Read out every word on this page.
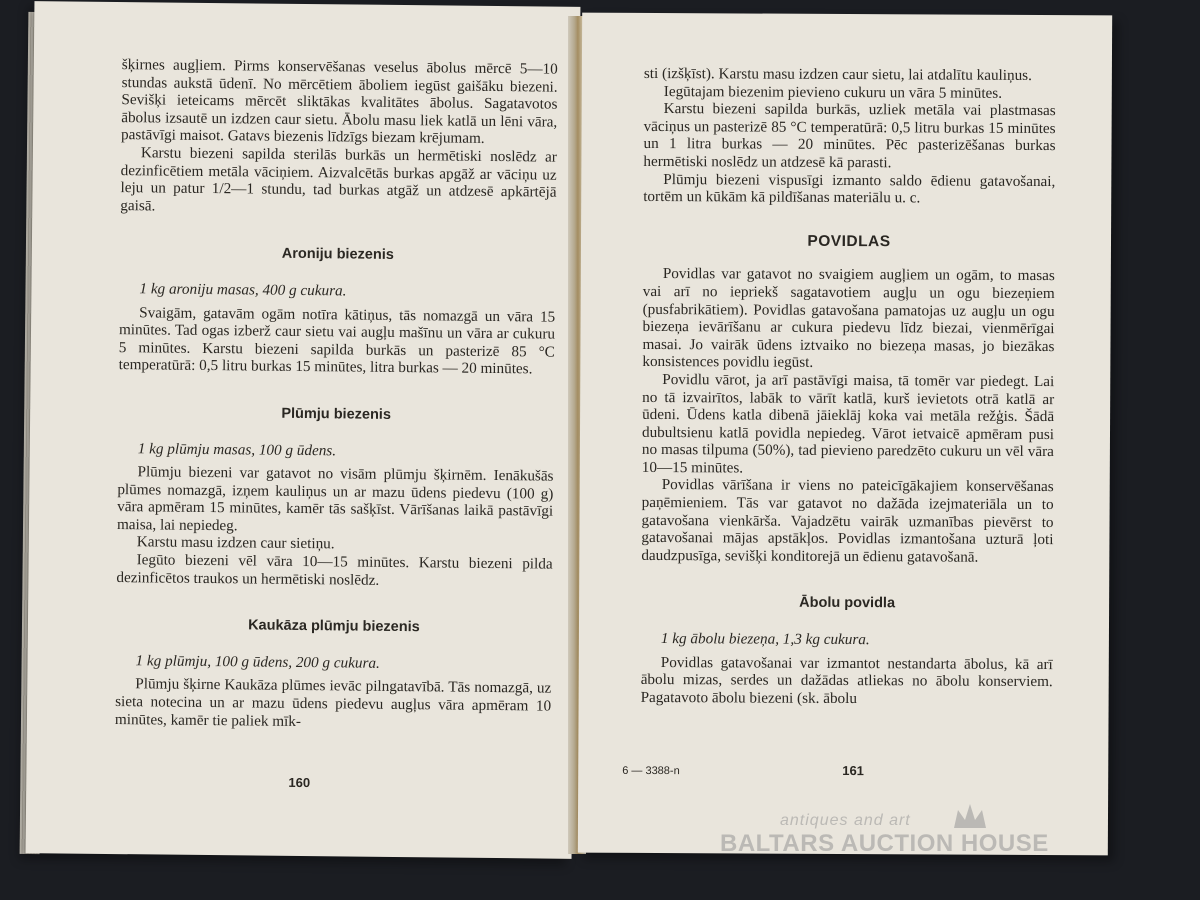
šķirnes augļiem. Pirms konservēšanas veselus ābolus mērcē 5—10 stundas aukstā ūdenī. No mērcētiem āboliem iegūst gaišāku biezeni. Sevišķi ieteicams mērcēt sliktākas kvalitātes ābolus. Sagatavotos ābolus izsautē un izdzen caur sietu. Ābolu masu liek katlā un lēni vāra, pastāvīgi maisot. Gatavs biezenis līdzīgs biezam krējumam.

Karstu biezeni sapilda sterilās burkās un hermētiski noslēdz ar dezinficētiem metāla vāciņiem. Aizvalcētās burkas apgāž ar vāciņu uz leju un patur 1/2—1 stundu, tad burkas atgāž un atdzesē apkārtējā gaisā.

Aroniju biezenis

1 kg aroniju masas, 400 g cukura.

Svaigām, gatavām ogām notīra kātiņus, tās nomazgā un vāra 15 minūtes. Tad ogas izberž caur sietu vai augļu mašīnu un vāra ar cukuru 5 minūtes. Karstu biezeni sapilda burkās un pasterizē 85 °C temperatūrā: 0,5 litru burkas 15 minūtes, litra burkas — 20 minūtes.

Plūmju biezenis

1 kg plūmju masas, 100 g ūdens.

Plūmju biezeni var gatavot no visām plūmju šķirnēm. Ienākušās plūmes nomazgā, izņem kauliņus un ar mazu ūdens piedevu (100 g) vāra apmēram 15 minūtes, kamēr tās sašķīst. Vārīšanas laikā pastāvīgi maisa, lai nepiedeg.

Karstu masu izdzen caur sietiņu.

Iegūto biezeni vēl vāra 10—15 minūtes. Karstu biezeni pilda dezinficētos traukos un hermētiski noslēdz.

Kaukāza plūmju biezenis

1 kg plūmju, 100 g ūdens, 200 g cukura.

Plūmju šķirne Kaukāza plūmes ievāc pilngatavībā. Tās nomazgā, uz sieta notecina un ar mazu ūdens piedevu augļus vāra apmēram 10 minūtes, kamēr tie paliek mīk-

160

sti (izšķīst). Karstu masu izdzen caur sietu, lai atdalītu kauliņus.

Iegūtajam biezenim pievieno cukuru un vāra 5 minūtes.

Karstu biezeni sapilda burkās, uzliek metāla vai plastmasas vāciņus un pasterizē 85 °C temperatūrā: 0,5 litru burkas 15 minūtes un 1 litra burkas — 20 minūtes. Pēc pasterizēšanas burkas hermētiski noslēdz un atdzesē kā parasti.

Plūmju biezeni vispusīgi izmanto saldo ēdienu gatavošanai, tortēm un kūkām kā pildīšanas materiālu u. c.

POVIDLAS

Povidlas var gatavot no svaigiem augļiem un ogām, to masas vai arī no iepriekš sagatavotiem augļu un ogu biezeņiem (pusfabrikātiem). Povidlas gatavošana pamatojas uz augļu un ogu biezeņa ievārīšanu ar cukura piedevu līdz biezai, vienmērīgai masai. Jo vairāk ūdens iztvaiko no biezeņa masas, jo biezākas konsistences povidlu iegūst.

Povidlu vārot, ja arī pastāvīgi maisa, tā tomēr var piedegt. Lai no tā izvairītos, labāk to vārīt katlā, kurš ievietots otrā katlā ar ūdeni. Ūdens katla dibenā jāieklāj koka vai metāla režģis. Šādā dubultsienu katlā povidla nepiedeg. Vārot ietvaicē apmēram pusi no masas tilpuma (50%), tad pievieno paredzēto cukuru un vēl vāra 10—15 minūtes.

Povidlas vārīšana ir viens no pateicīgākajiem konservēšanas paņēmieniem. Tās var gatavot no dažāda izejmateriāla un to gatavošana vienkārša. Vajadzētu vairāk uzmanības pievērst to gatavošanai mājas apstākļos. Povidlas izmantošana uzturā ļoti daudzpusīga, sevišķi konditorejā un ēdienu gatavošanā.

Ābolu povidla

1 kg ābolu biezeņa, 1,3 kg cukura.

Povidlas gatavošanai var izmantot nestandarta ābolus, kā arī ābolu mizas, serdes un dažādas atliekas no ābolu konserviem. Pagatavoto ābolu biezeni (sk. ābolu

6 — 3388-n	161
antiques and art
BALTARS AUCTION HOUSE
